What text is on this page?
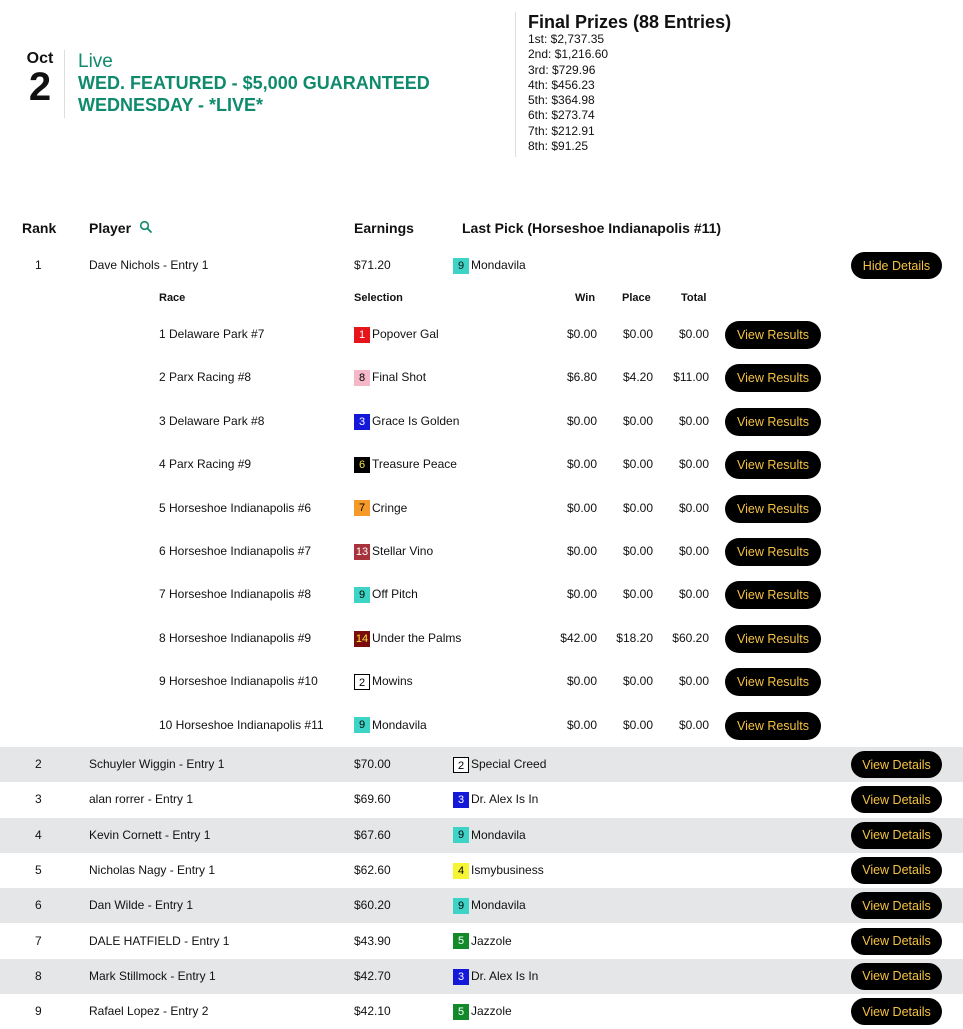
Oct
2
Live
WED. FEATURED - $5,000 GUARANTEED WEDNESDAY - *LIVE*
Final Prizes (88 Entries)
1st: $2,737.35
2nd: $1,216.60
3rd: $729.96
4th: $456.23
5th: $364.98
6th: $273.74
7th: $212.91
8th: $91.25
Rank Player	Earnings	Last Pick (Horseshoe Indianapolis #11)
1	Dave Nichols - Entry 1	$71.20	9 Mondavila	Hide Details
Race	Selection	Win Place	Total
1 Delaware Park #7	1 Popover Gal	$0.00	$0.00	$0.00	View Results
2 Parx Racing #8	8 Final Shot	$6.80	$4.20	$11.00	View Results
3 Delaware Park #8	3 Grace Is Golden	$0.00	$0.00	$0.00	View Results
4 Parx Racing #9	6 Treasure Peace	$0.00	$0.00	$0.00	View Results
5 Horseshoe Indianapolis #6	7 Cringe	$0.00	$0.00	$0.00	View Results
6 Horseshoe Indianapolis #7	13 Stellar Vino	$0.00	$0.00	$0.00	View Results
7 Horseshoe Indianapolis #8	9 Off Pitch	$0.00	$0.00	$0.00	View Results
8 Horseshoe Indianapolis #9	14 Under the Palms	$42.00	$18.20	$60.20	View Results
9 Horseshoe Indianapolis #10	2 Mowins	$0.00	$0.00	$0.00	View Results
10 Horseshoe Indianapolis #11	9 Mondavila	$0.00	$0.00	$0.00	View Results
2	Schuyler Wiggin - Entry 1	$70.00	2 Special Creed	View Details
3	alan rorrer - Entry 1	$69.60	3 Dr. Alex Is In	View Details
4	Kevin Cornett - Entry 1	$67.60	9 Mondavila	View Details
5	Nicholas Nagy - Entry 1	$62.60	4 Ismybusiness	View Details
6	Dan Wilde - Entry 1	$60.20	9 Mondavila	View Details
7	DALE HATFIELD - Entry 1	$43.90	5 Jazzole	View Details
8	Mark Stillmock - Entry 1	$42.70	3 Dr. Alex Is In	View Details
9	Rafael Lopez - Entry 2	$42.10	5 Jazzole	View Details
